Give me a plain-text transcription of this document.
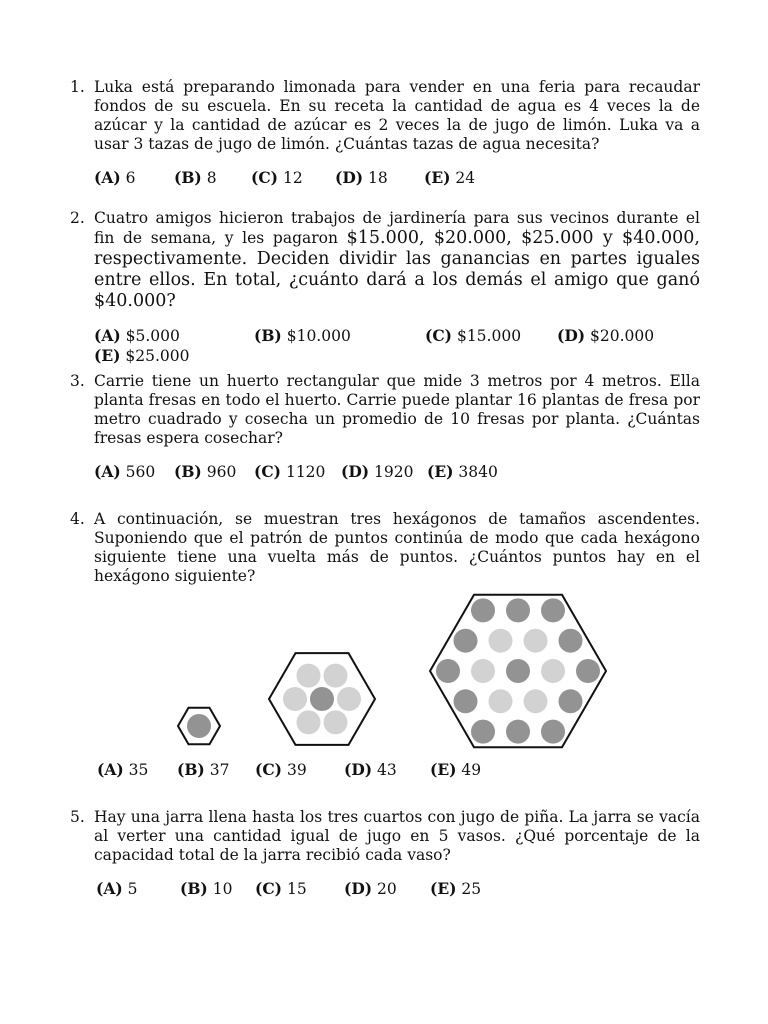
1. Luka está preparando limonada para vender en una feria para recaudar fondos de su escuela. En su receta la cantidad de agua es 4 veces la de azúcar y la cantidad de azúcar es 2 veces la de jugo de limón. Luka va a usar 3 tazas de jugo de limón. ¿Cuántas tazas de agua necesita?
(A) 6 (B) 8 (C) 12 (D) 18 (E) 24
2. Cuatro amigos hicieron trabajos de jardinería para sus vecinos durante el fin de semana, y les pagaron $15.000, $20.000, $25.000 y $40.000, respectivamente. Deciden dividir las ganancias en partes iguales entre ellos. En total, ¿cuánto dará a los demás el amigo que ganó $40.000?
(A) $5.000	(B) $10.000	(C) $15.000 (D) $20.000
(E) $25.000
3. Carrie tiene un huerto rectangular que mide 3 metros por 4 metros. Ella planta fresas en todo el huerto. Carrie puede plantar 16 plantas de fresa por metro cuadrado y cosecha un promedio de 10 fresas por planta. ¿Cuántas fresas espera cosechar?
(A) 560 (B) 960 (C) 1120 (D) 1920 (E) 3840
4. A continuación, se muestran tres hexágonos de tamaños ascendentes. Suponiendo que el patrón de puntos continúa de modo que cada hexágono siguiente tiene una vuelta más de puntos. ¿Cuántos puntos hay en el hexágono siguiente?
(A) 35 (B) 37 (C) 39 (D) 43 (E) 49
5. Hay una jarra llena hasta los tres cuartos con jugo de piña. La jarra se vacía al verter una cantidad igual de jugo en 5 vasos. ¿Qué porcentaje de la capacidad total de la jarra recibió cada vaso?
(A) 5	(B) 10 (C) 15 (D) 20 (E) 25
